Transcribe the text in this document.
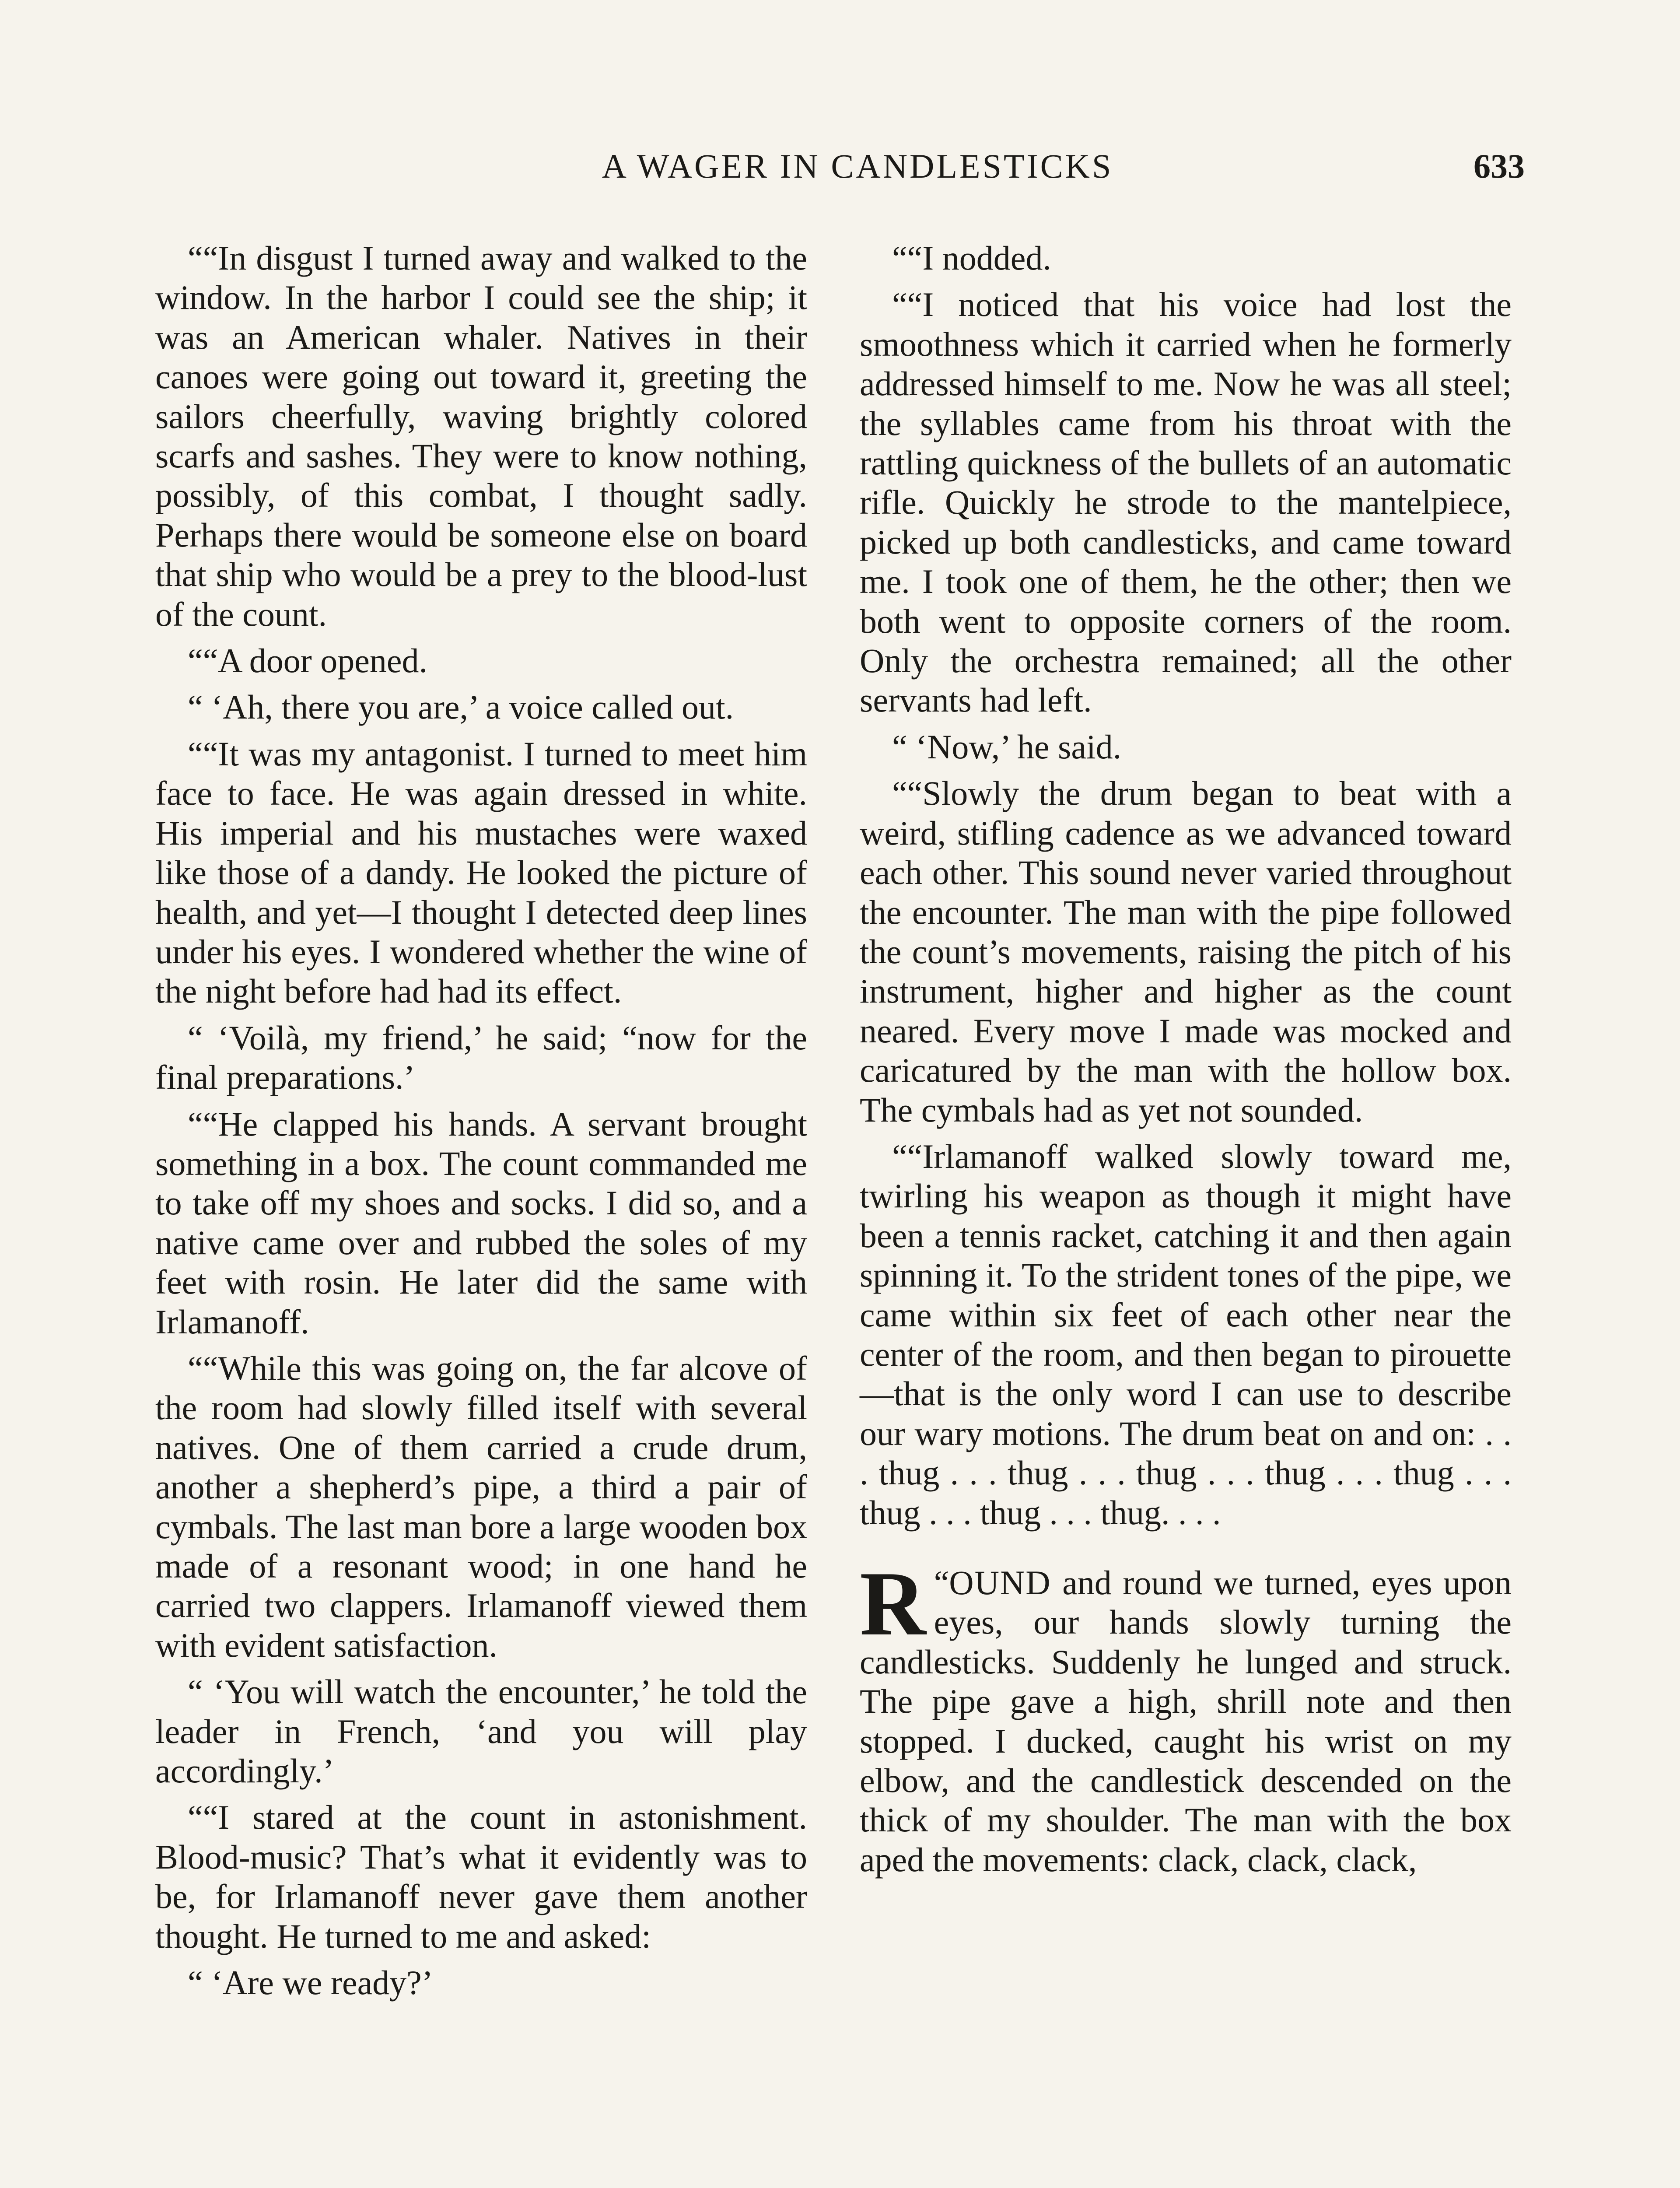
A WAGER IN CANDLESTICKS	633

““In disgust I turned away and walked to the window. In the harbor I could see the ship; it was an American whaler. Natives in their canoes were going out toward it, greeting the sailors cheerfully, waving brightly colored scarfs and sashes. They were to know nothing, possibly, of this combat, I thought sadly. Perhaps there would be someone else on board that ship who would be a prey to the blood-lust of the count.

““A door opened.

“ ‘Ah, there you are,’ a voice called out.

““It was my antagonist. I turned to meet him face to face. He was again dressed in white. His imperial and his mustaches were waxed like those of a dandy. He looked the picture of health, and yet—I thought I detected deep lines under his eyes. I wondered whether the wine of the night before had had its effect.

“ ‘Voilà, my friend,’ he said; “now for the final preparations.’

““He clapped his hands. A servant brought something in a box. The count commanded me to take off my shoes and socks. I did so, and a native came over and rubbed the soles of my feet with rosin. He later did the same with Irlamanoff.

““While this was going on, the far alcove of the room had slowly filled itself with several natives. One of them carried a crude drum, another a shepherd’s pipe, a third a pair of cymbals. The last man bore a large wooden box made of a resonant wood; in one hand he carried two clappers. Irlamanoff viewed them with evident satisfaction.

“ ‘You will watch the encounter,’ he told the leader in French, ‘and you will play accordingly.’

““I stared at the count in astonishment. Blood-music? That’s what it evidently was to be, for Irlamanoff never gave them another thought. He turned to me and asked:

“ ‘Are we ready?’

““I nodded.

““I noticed that his voice had lost the smoothness which it carried when he formerly addressed himself to me. Now he was all steel; the syllables came from his throat with the rattling quickness of the bullets of an automatic rifle. Quickly he strode to the mantelpiece, picked up both candlesticks, and came toward me. I took one of them, he the other; then we both went to opposite corners of the room. Only the orchestra remained; all the other servants had left.

“ ‘Now,’ he said.

““Slowly the drum began to beat with a weird, stifling cadence as we advanced toward each other. This sound never varied throughout the encounter. The man with the pipe followed the count’s movements, raising the pitch of his instrument, higher and higher as the count neared. Every move I made was mocked and caricatured by the man with the hollow box. The cymbals had as yet not sounded.

““Irlamanoff walked slowly toward me, twirling his weapon as though it might have been a tennis racket, catching it and then again spinning it. To the strident tones of the pipe, we came within six feet of each other near the center of the room, and then began to pirouette—that is the only word I can use to describe our wary motions. The drum beat on and on: . . . thug . . . thug . . . thug . . . thug . . . thug . . . thug . . . thug . . . thug. . . .

“
R OUND and round we turned, eyes upon eyes, our hands slowly turning the candlesticks. Suddenly he lunged and struck. The pipe gave a high, shrill note and then stopped. I ducked, caught his wrist on my elbow, and the candlestick descended on the thick of my shoulder. The man with the box aped the movements: clack, clack, clack,
